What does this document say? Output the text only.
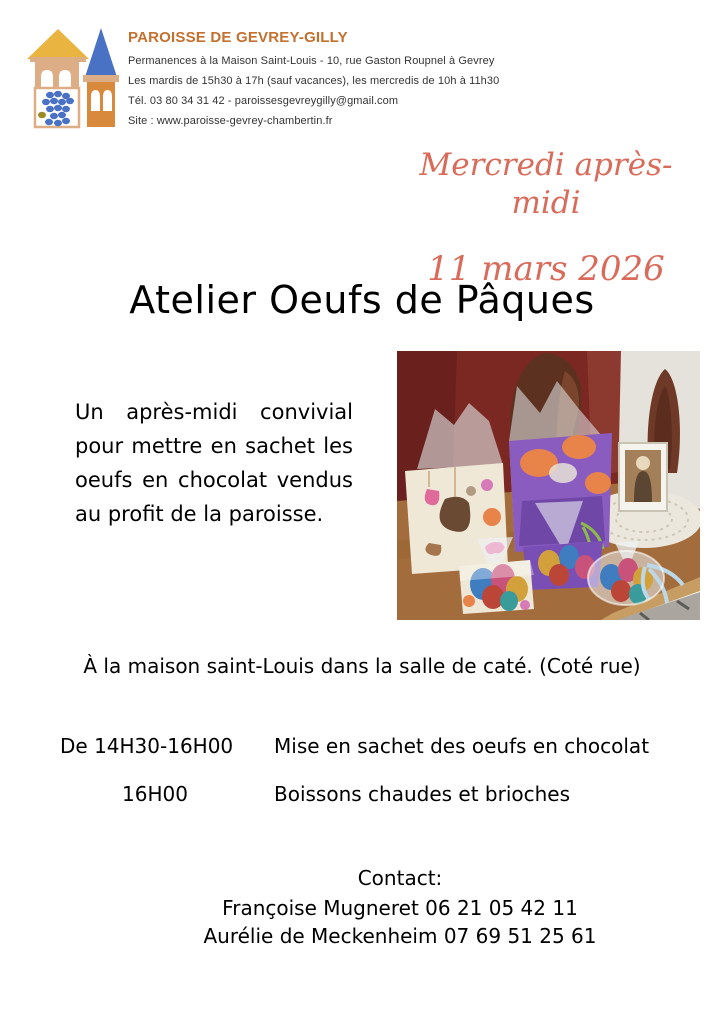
PAROISSE DE GEVREY-GILLY
Permanences à la Maison Saint-Louis - 10, rue Gaston Roupnel à Gevrey
Les mardis de 15h30 à 17h (sauf vacances), les mercredis de 10h à 11h30
Tél. 03 80 34 31 42 - paroissesgevreygilly@gmail.com
Site : www.paroisse-gevrey-chambertin.fr
Mercredi après-midi
11 mars 2026
Atelier Oeufs de Pâques
Un après-midi convivial pour mettre en sachet les oeufs en chocolat vendus au profit de la paroisse.
À la maison saint-Louis dans la salle de caté. (Coté rue)
De 14H30-16H00	Mise en sachet des oeufs en chocolat
16H00	Boissons chaudes et brioches
Contact:
Françoise Mugneret 06 21 05 42 11
Aurélie de Meckenheim 07 69 51 25 61
